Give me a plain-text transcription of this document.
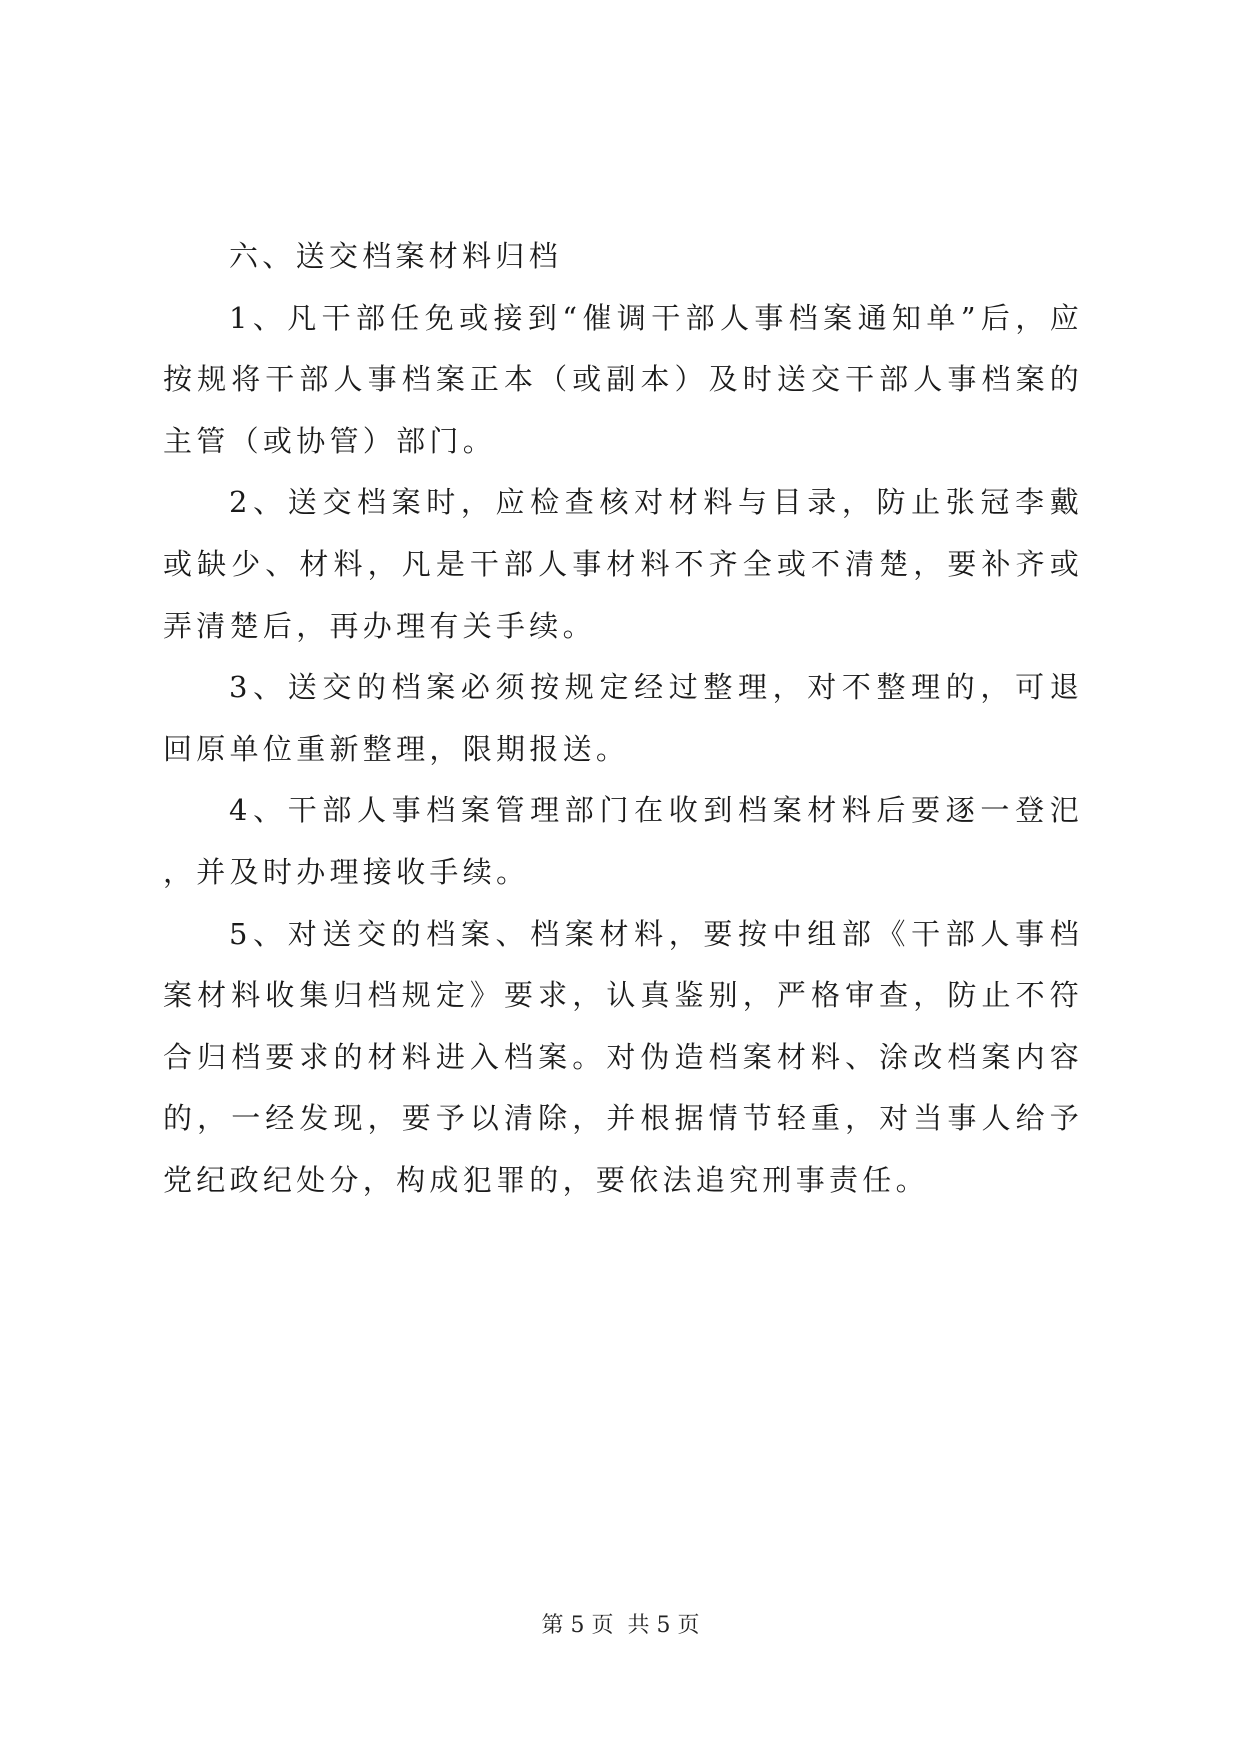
六、送交档案材料归档

1、凡干部任免或接到“催调干部人事档案通知单”后，应按规将干部人事档案正本（或副本）及时送交干部人事档案的主管（或协管）部门。

2、送交档案时，应检查核对材料与目录，防止张冠李戴或缺少、材料，凡是干部人事材料不齐全或不清楚，要补齐或弄清楚后，再办理有关手续。

3、送交的档案必须按规定经过整理，对不整理的，可退回原单位重新整理，限期报送。

4、干部人事档案管理部门在收到档案材料后要逐一登汜，并及时办理接收手续。

5、对送交的档案、档案材料，要按中组部《干部人事档案材料收集归档规定》要求，认真鉴别，严格审查，防止不符合归档要求的材料进入档案。对伪造档案材料、涂改档案内容的，一经发现，要予以清除，并根据情节轻重，对当事人给予党纪政纪处分，构成犯罪的，要依法追究刑事责任。

第 5 页  共 5 页
